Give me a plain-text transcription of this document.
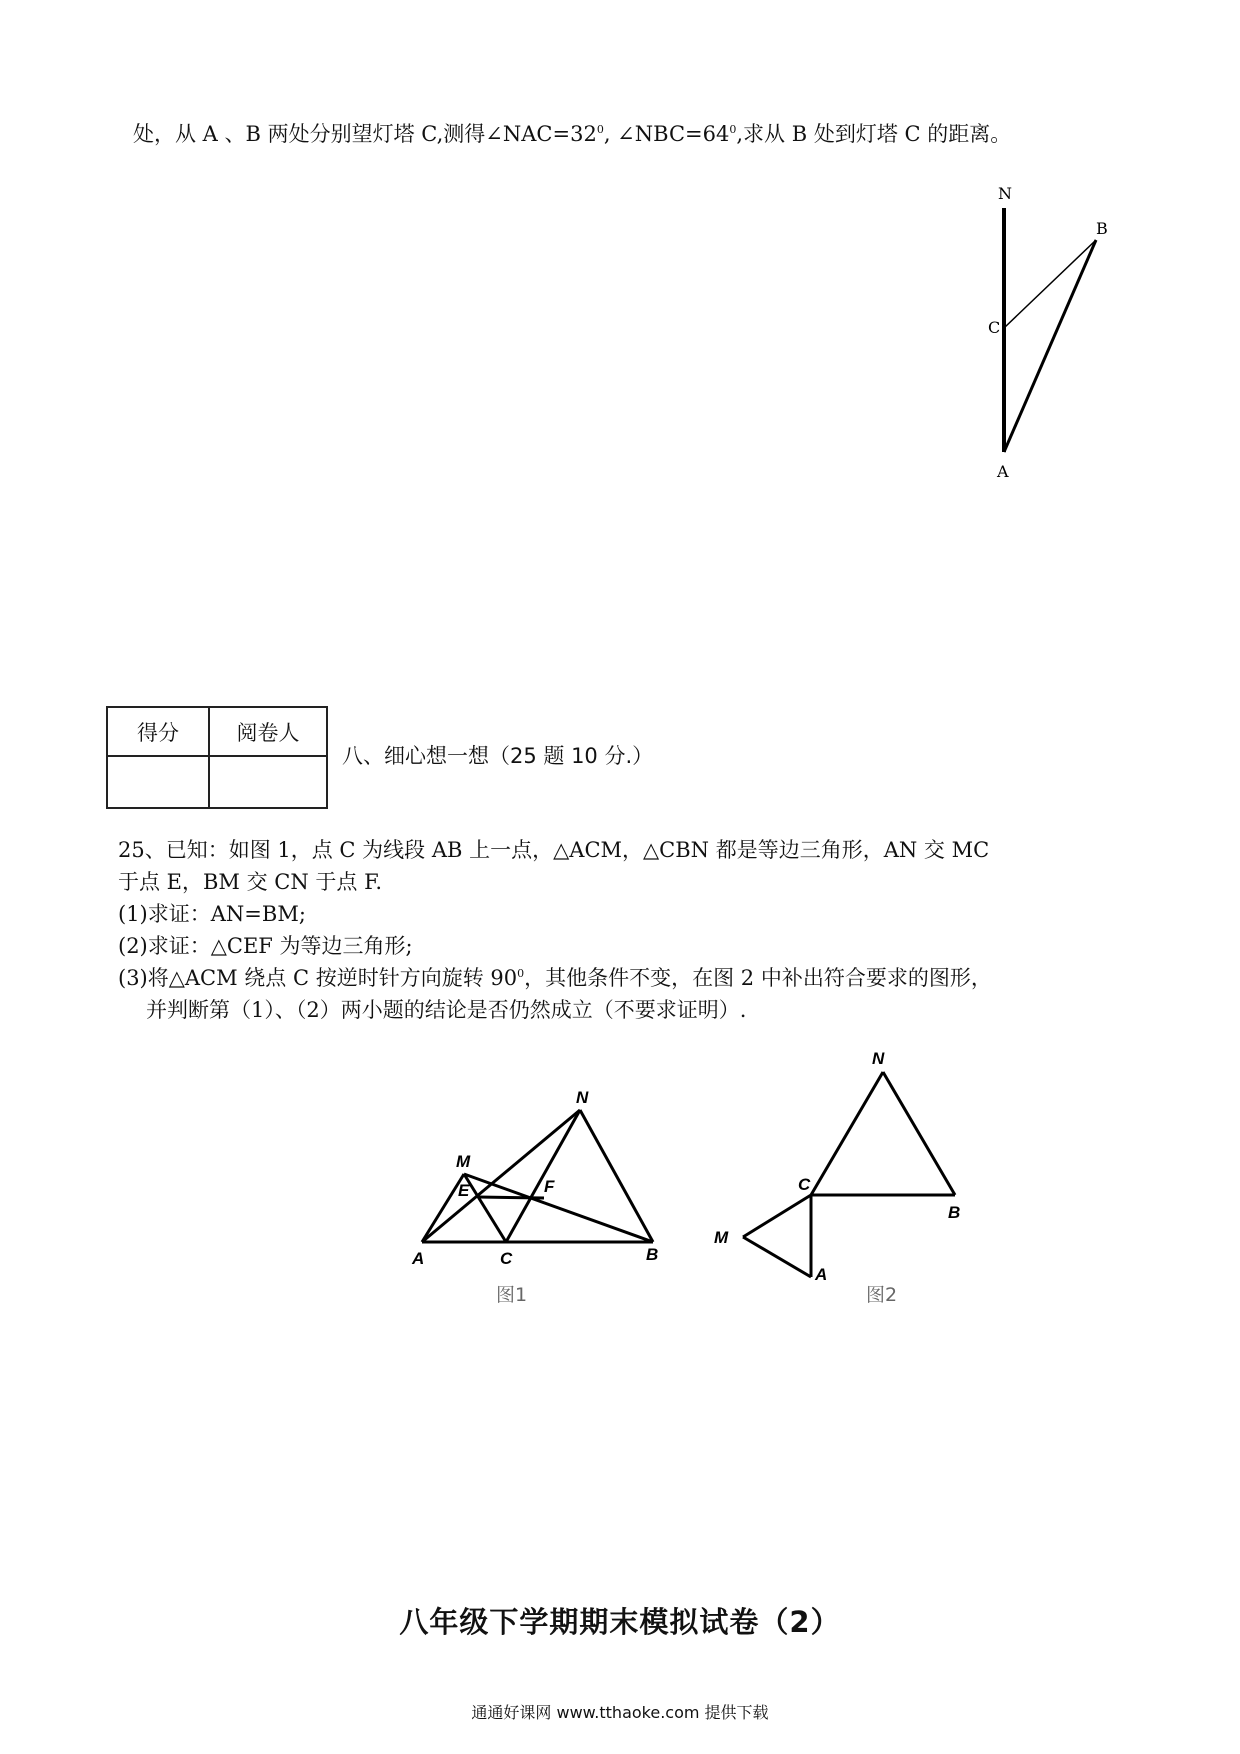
处，从 A 、B 两处分别望灯塔 C,测得$\angle NAC=32^0$, $\angle NBC=64^0$,求从 B 处到灯塔 C 的距离。
N
B
C
A
得分	阅卷人

八、细心想一想（25 题 10 分.）
25、已知：如图 1，点 C 为线段 AB 上一点，△ACM，△CBN 都是等边三角形，AN 交 MC
于点 E，BM 交 CN 于点 F.
(1)求证：AN=BM;
(2)求证：△CEF 为等边三角形;
(3)将△ACM 绕点 C 按逆时针方向旋转 $90^0$，其他条件不变，在图 2 中补出符合要求的图形，
并判断第（1）、（2）两小题的结论是否仍然成立（不要求证明）.
M
N
E	F
A	C	B
图1
N
C
B
M
A
图2
八年级下学期期末模拟试卷（2）
通通好课网 www.tthaoke.com 提供下载
